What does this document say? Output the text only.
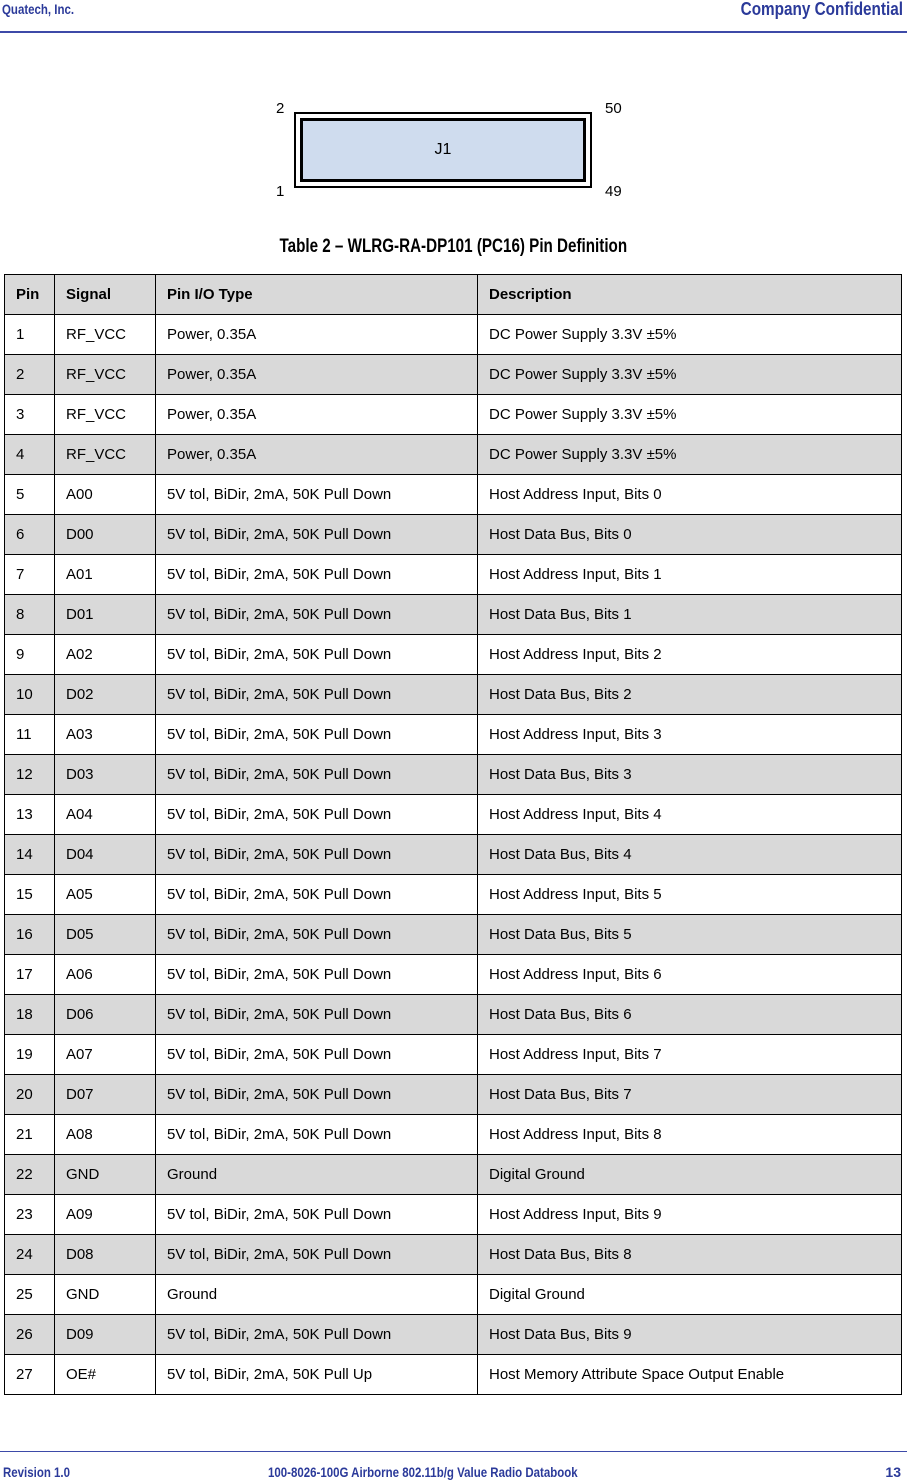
Quatech, Inc.	Company Confidential
2
1
50
49
J1
Table 2 – WLRG-RA-DP101 (PC16) Pin Definition
Pin	Signal	Pin I/O Type	Description
1	RF_VCC	Power, 0.35A	DC Power Supply 3.3V ±5%
2	RF_VCC	Power, 0.35A	DC Power Supply 3.3V ±5%
3	RF_VCC	Power, 0.35A	DC Power Supply 3.3V ±5%
4	RF_VCC	Power, 0.35A	DC Power Supply 3.3V ±5%
5	A00	5V tol, BiDir, 2mA, 50K Pull Down	Host Address Input, Bits 0
6	D00	5V tol, BiDir, 2mA, 50K Pull Down	Host Data Bus, Bits 0
7	A01	5V tol, BiDir, 2mA, 50K Pull Down	Host Address Input, Bits 1
8	D01	5V tol, BiDir, 2mA, 50K Pull Down	Host Data Bus, Bits 1
9	A02	5V tol, BiDir, 2mA, 50K Pull Down	Host Address Input, Bits 2
10	D02	5V tol, BiDir, 2mA, 50K Pull Down	Host Data Bus, Bits 2
11	A03	5V tol, BiDir, 2mA, 50K Pull Down	Host Address Input, Bits 3
12	D03	5V tol, BiDir, 2mA, 50K Pull Down	Host Data Bus, Bits 3
13	A04	5V tol, BiDir, 2mA, 50K Pull Down	Host Address Input, Bits 4
14	D04	5V tol, BiDir, 2mA, 50K Pull Down	Host Data Bus, Bits 4
15	A05	5V tol, BiDir, 2mA, 50K Pull Down	Host Address Input, Bits 5
16	D05	5V tol, BiDir, 2mA, 50K Pull Down	Host Data Bus, Bits 5
17	A06	5V tol, BiDir, 2mA, 50K Pull Down	Host Address Input, Bits 6
18	D06	5V tol, BiDir, 2mA, 50K Pull Down	Host Data Bus, Bits 6
19	A07	5V tol, BiDir, 2mA, 50K Pull Down	Host Address Input, Bits 7
20	D07	5V tol, BiDir, 2mA, 50K Pull Down	Host Data Bus, Bits 7
21	A08	5V tol, BiDir, 2mA, 50K Pull Down	Host Address Input, Bits 8
22	GND	Ground	Digital Ground
23	A09	5V tol, BiDir, 2mA, 50K Pull Down	Host Address Input, Bits 9
24	D08	5V tol, BiDir, 2mA, 50K Pull Down	Host Data Bus, Bits 8
25	GND	Ground	Digital Ground
26	D09	5V tol, BiDir, 2mA, 50K Pull Down	Host Data Bus, Bits 9
27	OE#	5V tol, BiDir, 2mA, 50K Pull Up	Host Memory Attribute Space Output Enable
Revision 1.0	100-8026-100G Airborne 802.11b/g Value Radio Databook	13
